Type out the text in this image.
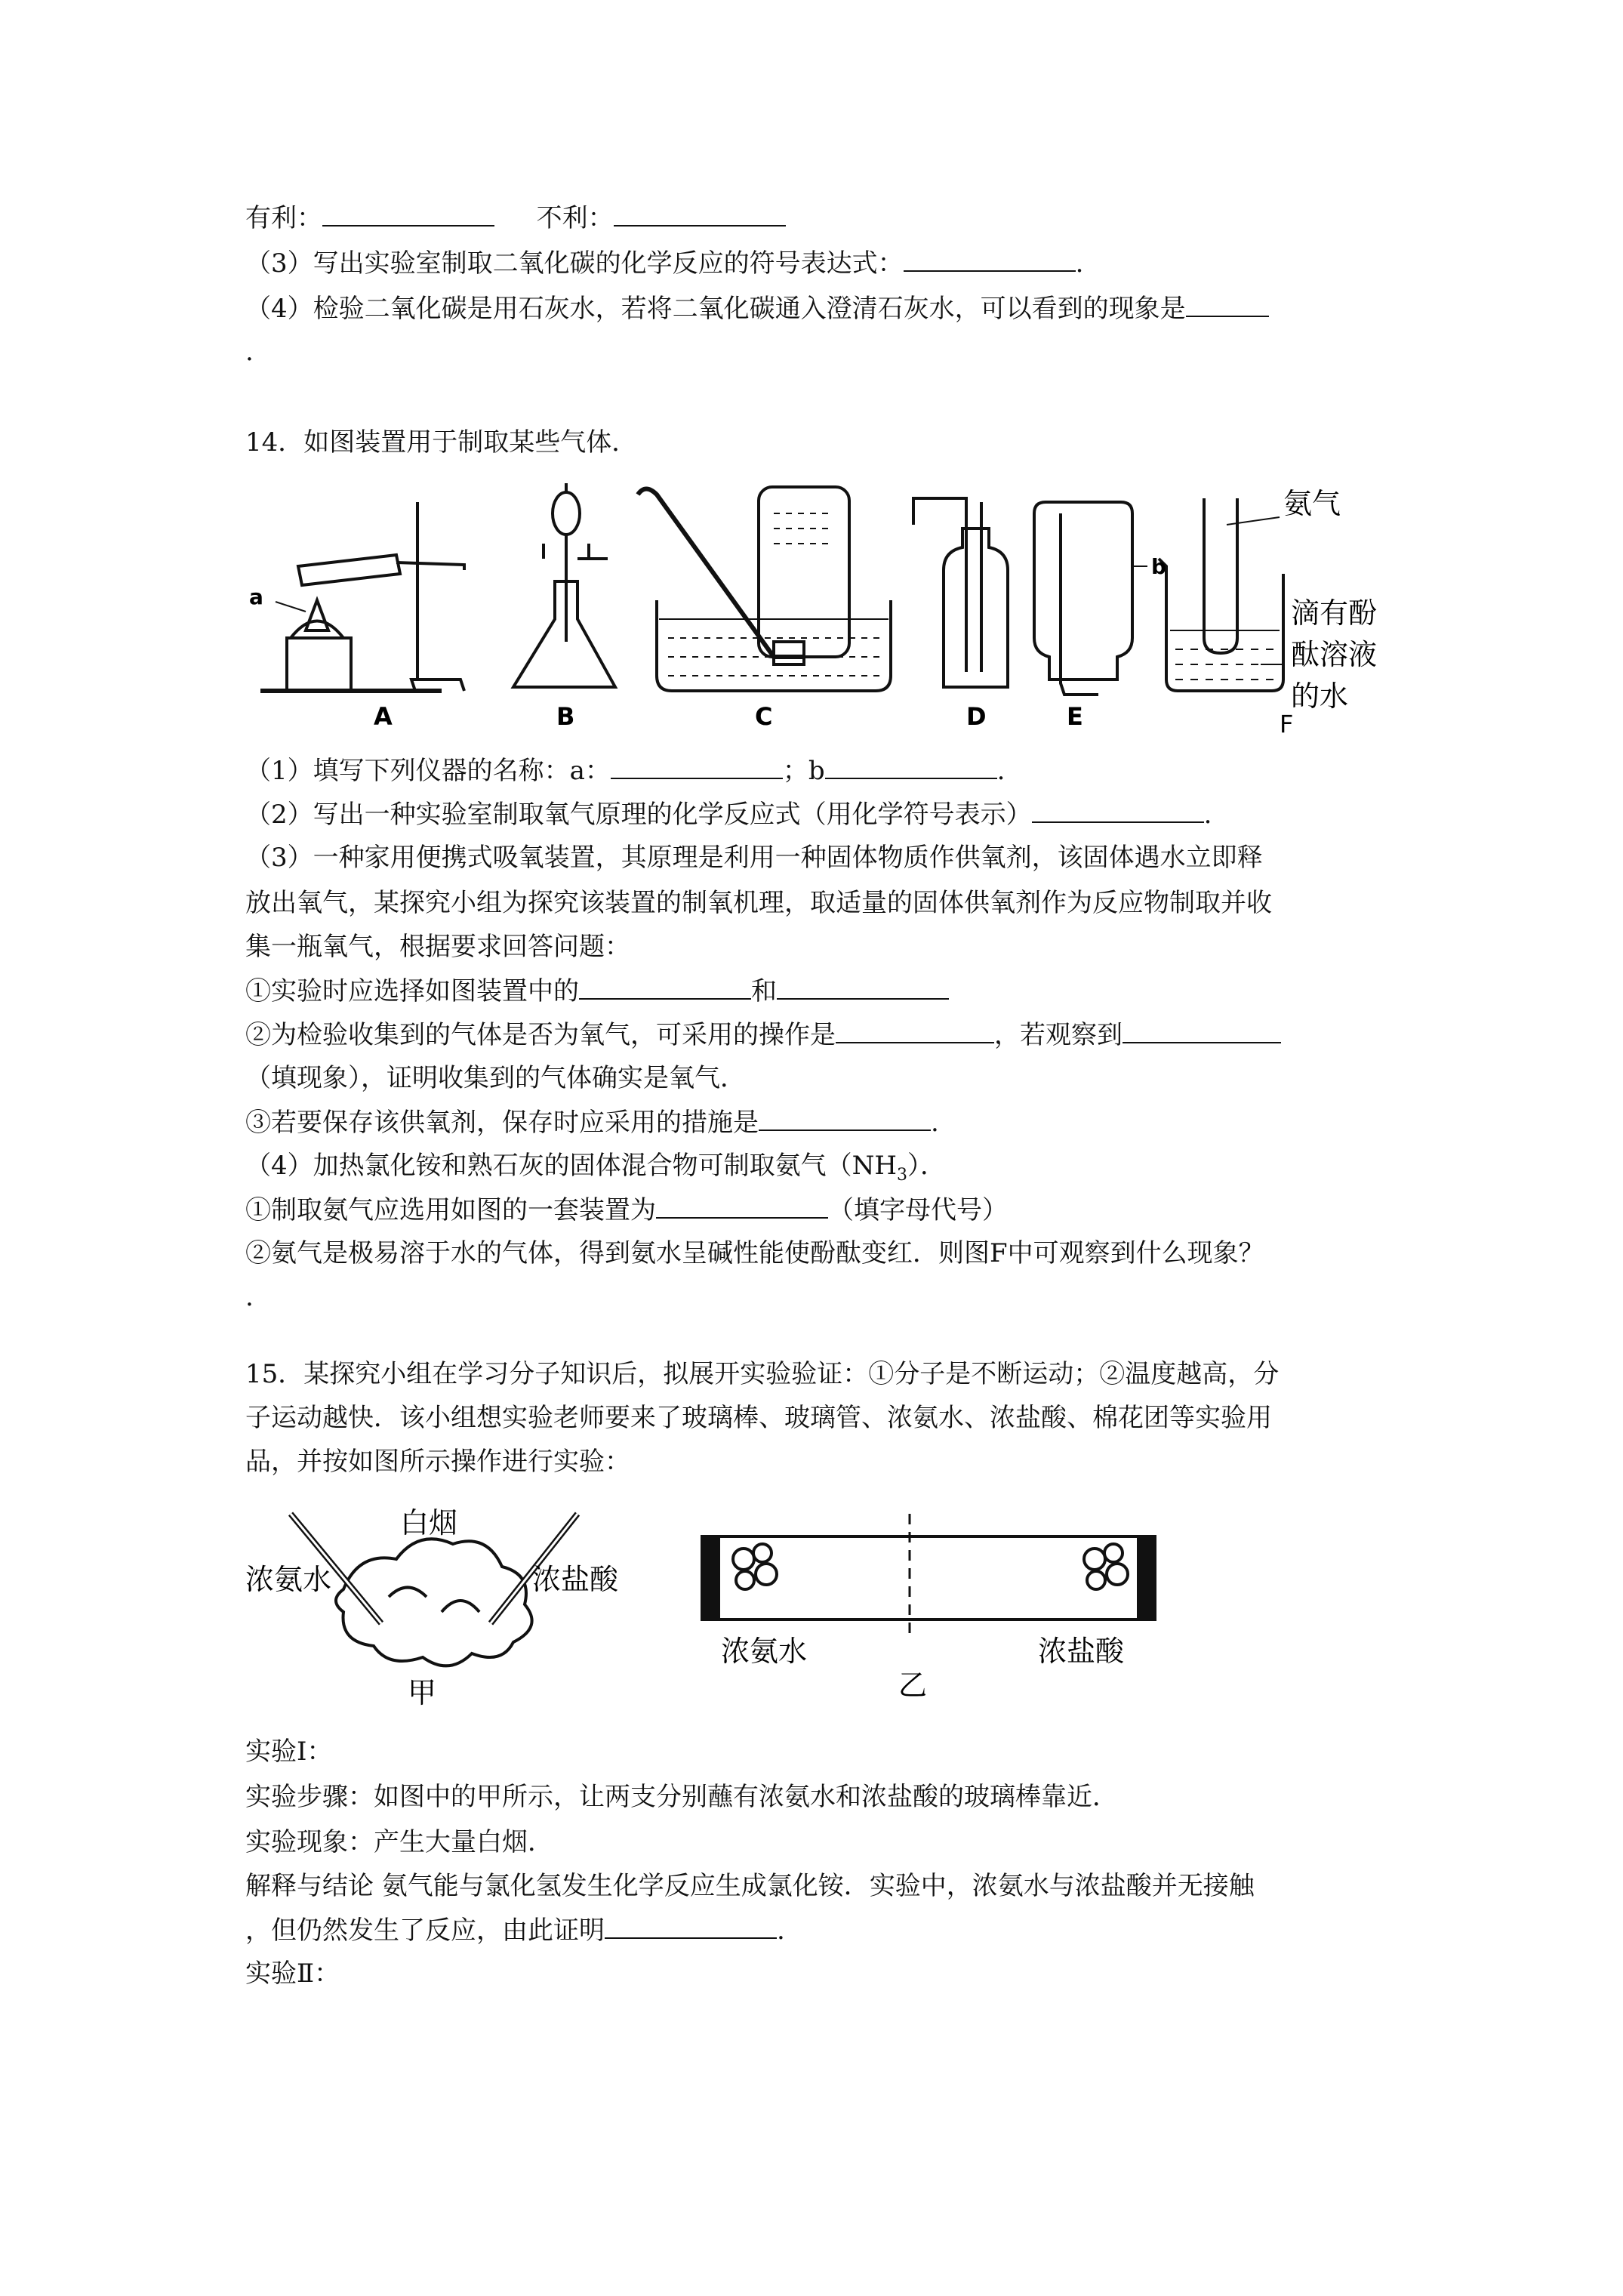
有利：	不利：
（3）写出实验室制取二氧化碳的化学反应的符号表达式：	.
（4）检验二氧化碳是用石灰水，若将二氧化碳通入澄清石灰水，可以看到的现象是
.
14．如图装置用于制取某些气体．
a
b
A	B	C	D	E	F
氨气
滴有酚
酞溶液
的水
（1）填写下列仪器的名称：a：	；b	.
（2）写出一种实验室制取氧气原理的化学反应式（用化学符号表示）	.
（3）一种家用便携式吸氧装置，其原理是利用一种固体物质作供氧剂，该固体遇水立即释
放出氧气，某探究小组为探究该装置的制氧机理，取适量的固体供氧剂作为反应物制取并收
集一瓶氧气，根据要求回答问题：
①实验时应选择如图装置中的	和
②为检验收集到的气体是否为氧气，可采用的操作是	，若观察到
（填现象），证明收集到的气体确实是氧气．
③若要保存该供氧剂，保存时应采用的措施是	.
（4）加热氯化铵和熟石灰的固体混合物可制取氨气$(NH_3)$．
①制取氨气应选用如图的一套装置为	（填字母代号）
②氨气是极易溶于水的气体，得到氨水呈碱性能使酚酞变红．则图F中可观察到什么现象？
.
15．某探究小组在学习分子知识后，拟展开实验验证：①分子是不断运动；②温度越高，分
子运动越快．该小组想实验老师要来了玻璃棒、玻璃管、浓氨水、浓盐酸、棉花团等实验用
品，并按如图所示操作进行实验：
白烟
浓氨水	浓盐酸
甲
浓氨水	浓盐酸
乙
实验Ⅰ：
实验步骤：如图中的甲所示，让两支分别蘸有浓氨水和浓盐酸的玻璃棒靠近．
实验现象：产生大量白烟．
解释与结论 氨气能与氯化氢发生化学反应生成氯化铵．实验中，浓氨水与浓盐酸并无接触
，但仍然发生了反应，由此证明	.
实验Ⅱ：
